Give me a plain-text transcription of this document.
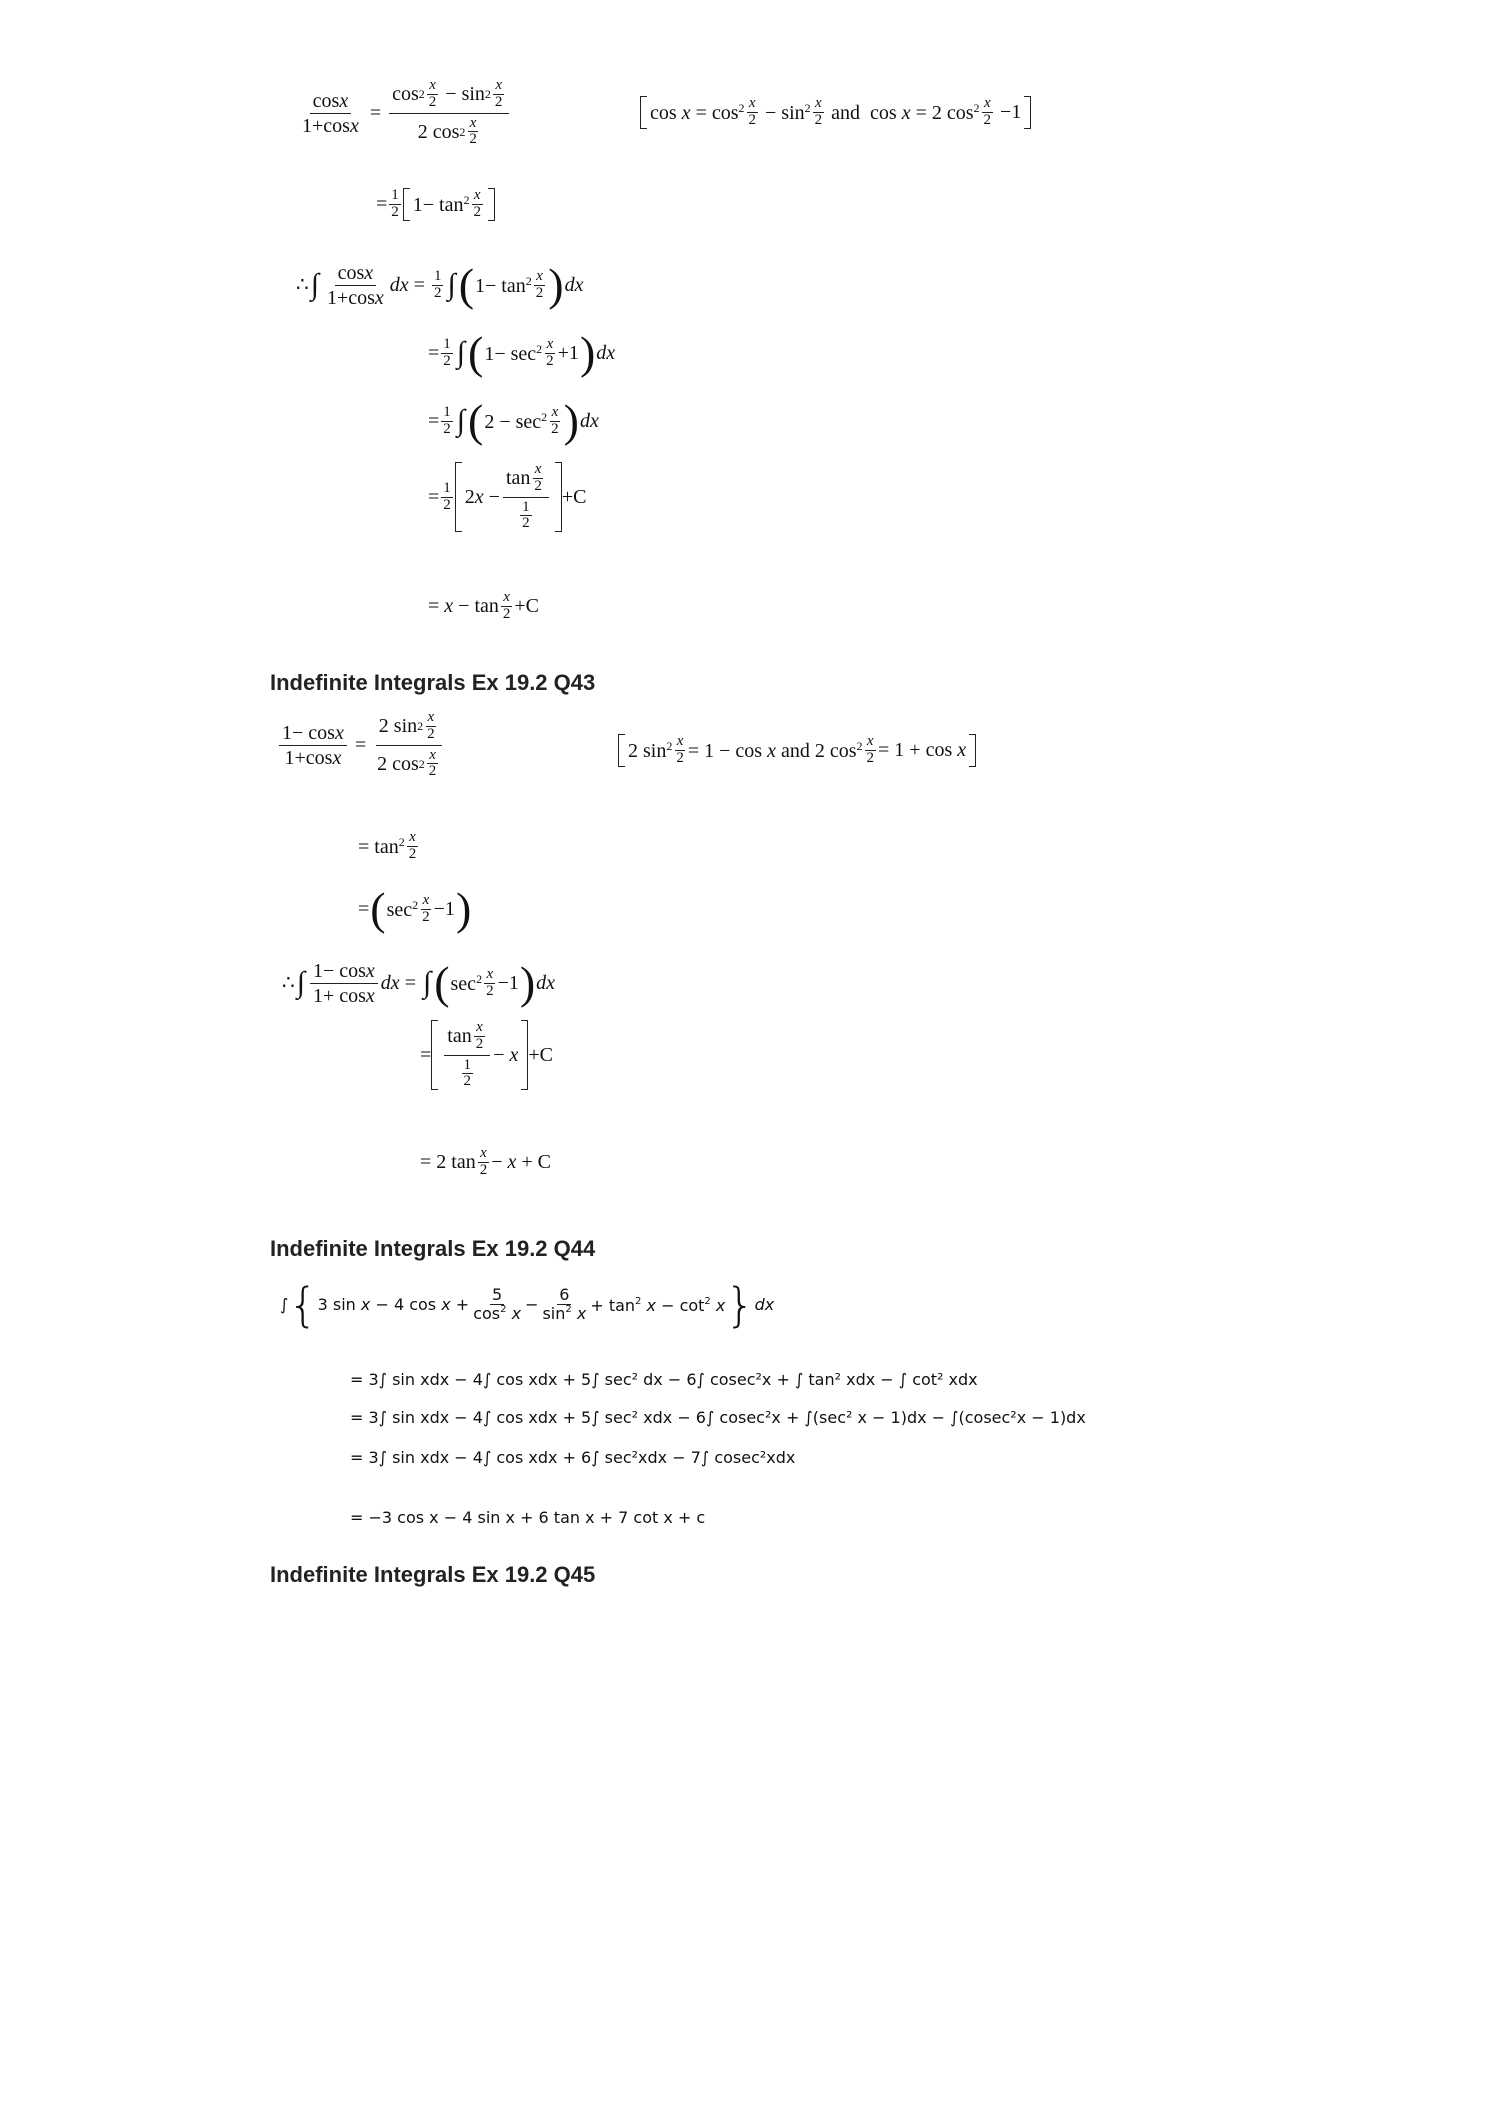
$\frac{\text{cos x}}{\text{1+cos x}} = \frac{\cos 2 \frac{x}{2} - \sin 2 \frac{x}{2}}{2 \cos 2 \frac{x}{2}}$	$\cos x = \cos^2 \frac{x}{2} - \sin^2 \frac{x}{2}$ and  cos x = 2 $\cos^2 \frac{x}{2} -1$
= $\frac{1}{2} 1- \tan^2 \frac{x}{2}$
∴ ∫ $\frac{\text{cos x}}{\text{1+cos x}}$ dx = $\frac{1}{2}$ ∫ ( $1- \tan^2 \frac{x}{2}$ ) dx
= $\frac{1}{2}$ ∫ ( $1- \sec^2 \frac{x}{2} +1$ ) dx
= $\frac{1}{2}$ ∫ ( $2 - \sec^2 \frac{x}{2}$ ) dx
= $\frac{1}{2} 2x - \frac{\tan \frac{x}{2}}{\frac{1}{2}} +C$
= $x - \tan \frac{x}{2} +C$
Indefinite Integrals Ex 19.2 Q43
$\frac{\text{1− cos x}}{\text{1+cos x}} = \frac{2 \sin 2 \frac{x}{2}}{2 \cos 2 \frac{x}{2}}$	2 $\sin^2 \frac{x}{2} = 1 - \cos x$ and 2 $\cos^2 \frac{x}{2} = 1 + \cos x$
= $\tan^2 \frac{x}{2}$
= ( $\sec^2 \frac{x}{2} -1$ )
∴ ∫ $\frac{\text{1− cos x}}{\text{1+ cos x}}$ dx = ∫ ( $\sec^2 \frac{x}{2} -1$ ) dx
= $\frac{\tan \frac{x}{2}}{\frac{1}{2}} - x +C$
= 2 $\tan \frac{x}{2} - x + C$
Indefinite Integrals Ex 19.2 Q44
∫ { 3 sin x − 4 $\cos x + \frac{5}{\cos^2 x} - \frac{6}{\sin^2 x} + \tan^2 x - \cot^2 x$ } dx
= 3∫ sin xdx − 4∫ cos xdx + 5∫ sec² dx − 6∫ cosec²x + ∫ tan² xdx − ∫ cot² xdx
= 3∫ sin xdx − 4∫ cos xdx + 5∫ sec² xdx − 6∫ cosec²x + ∫(sec² x − 1)dx − ∫(cosec²x − 1)dx
= 3∫ sin xdx − 4∫ cos xdx + 6∫ sec²xdx − 7∫ cosec²xdx
= −3 cos x − 4 sin x + 6 tan x + 7 cot x + c
Indefinite Integrals Ex 19.2 Q45
